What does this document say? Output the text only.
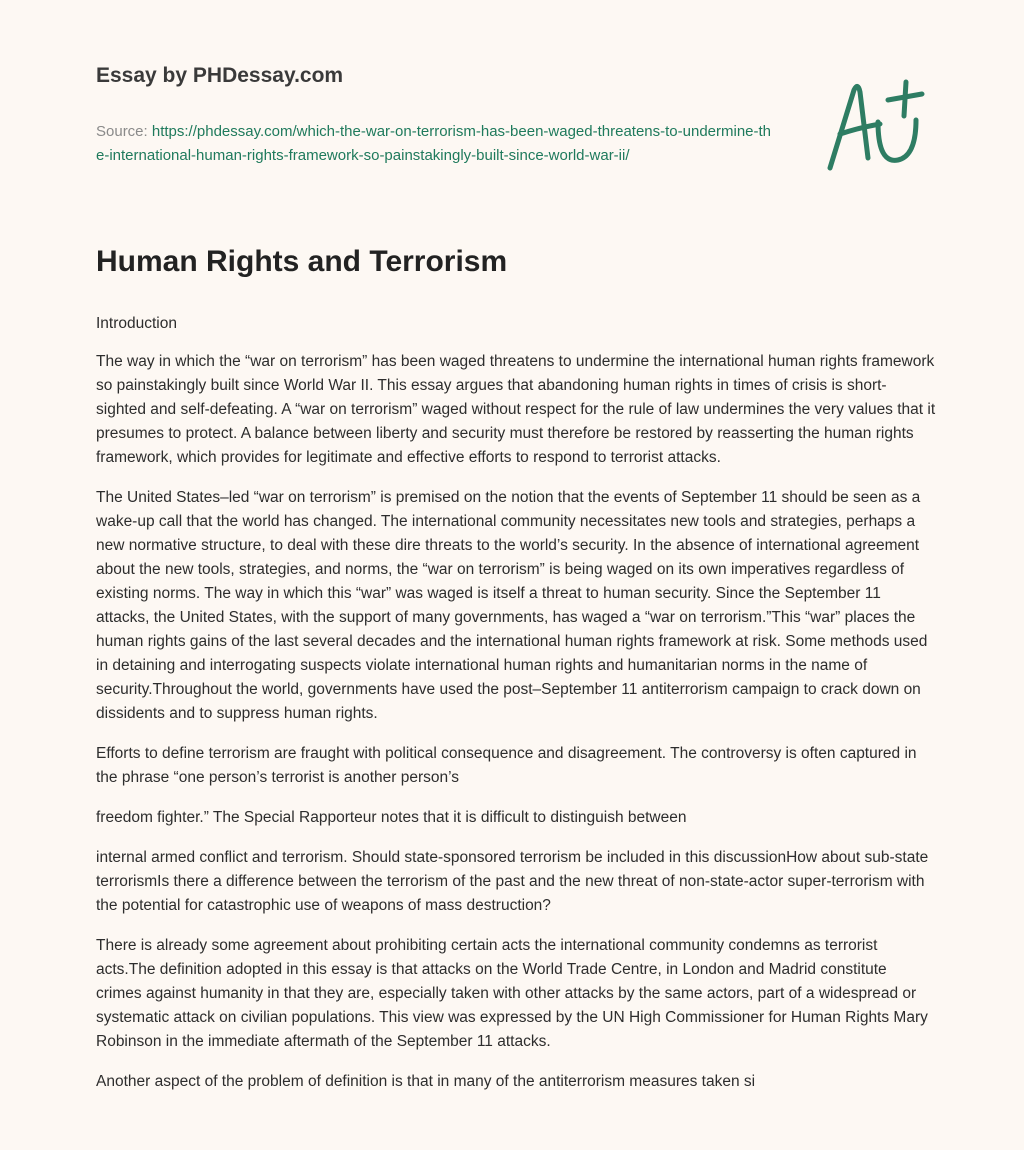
Essay by PHDessay.com
Source: https://phdessay.com/which-the-war-on-terrorism-has-been-waged-threatens-to-undermine-the-international-human-rights-framework-so-painstakingly-built-since-world-war-ii/
Human Rights and Terrorism

Introduction

The way in which the “war on terrorism” has been waged threatens to undermine the international human rights framework so painstakingly built since World War II. This essay argues that abandoning human rights in times of crisis is short-sighted and self-defeating. A “war on terrorism” waged without respect for the rule of law undermines the very values that it presumes to protect. A balance between liberty and security must therefore be restored by reasserting the human rights framework, which provides for legitimate and effective efforts to respond to terrorist attacks.

The United States–led “war on terrorism” is premised on the notion that the events of September 11 should be seen as a wake-up call that the world has changed. The international community necessitates new tools and strategies, perhaps a new normative structure, to deal with these dire threats to the world’s security. In the absence of international agreement about the new tools, strategies, and norms, the “war on terrorism” is being waged on its own imperatives regardless of existing norms. The way in which this “war” was waged is itself a threat to human security. Since the September 11 attacks, the United States, with the support of many governments, has waged a “war on terrorism.”This “war” places the human rights gains of the last several decades and the international human rights framework at risk. Some methods used in detaining and interrogating suspects violate international human rights and humanitarian norms in the name of security.Throughout the world, governments have used the post–September 11 antiterrorism campaign to crack down on dissidents and to suppress human rights.

Efforts to define terrorism are fraught with political consequence and disagreement. The controversy is often captured in the phrase “one person’s terrorist is another person’s

freedom fighter.” The Special Rapporteur notes that it is difficult to distinguish between

internal armed conflict and terrorism. Should state-sponsored terrorism be included in this discussionHow about sub-state terrorismIs there a difference between the terrorism of the past and the new threat of non-state-actor super-terrorism with the potential for catastrophic use of weapons of mass destruction?

There is already some agreement about prohibiting certain acts the international community condemns as terrorist acts.The definition adopted in this essay is that attacks on the World Trade Centre, in London and Madrid constitute crimes against humanity in that they are, especially taken with other attacks by the same actors, part of a widespread or systematic attack on civilian populations. This view was expressed by the UN High Commissioner for Human Rights Mary Robinson in the immediate aftermath of the September 11 attacks.

Another aspect of the problem of definition is that in many of the antiterrorism measures taken si
